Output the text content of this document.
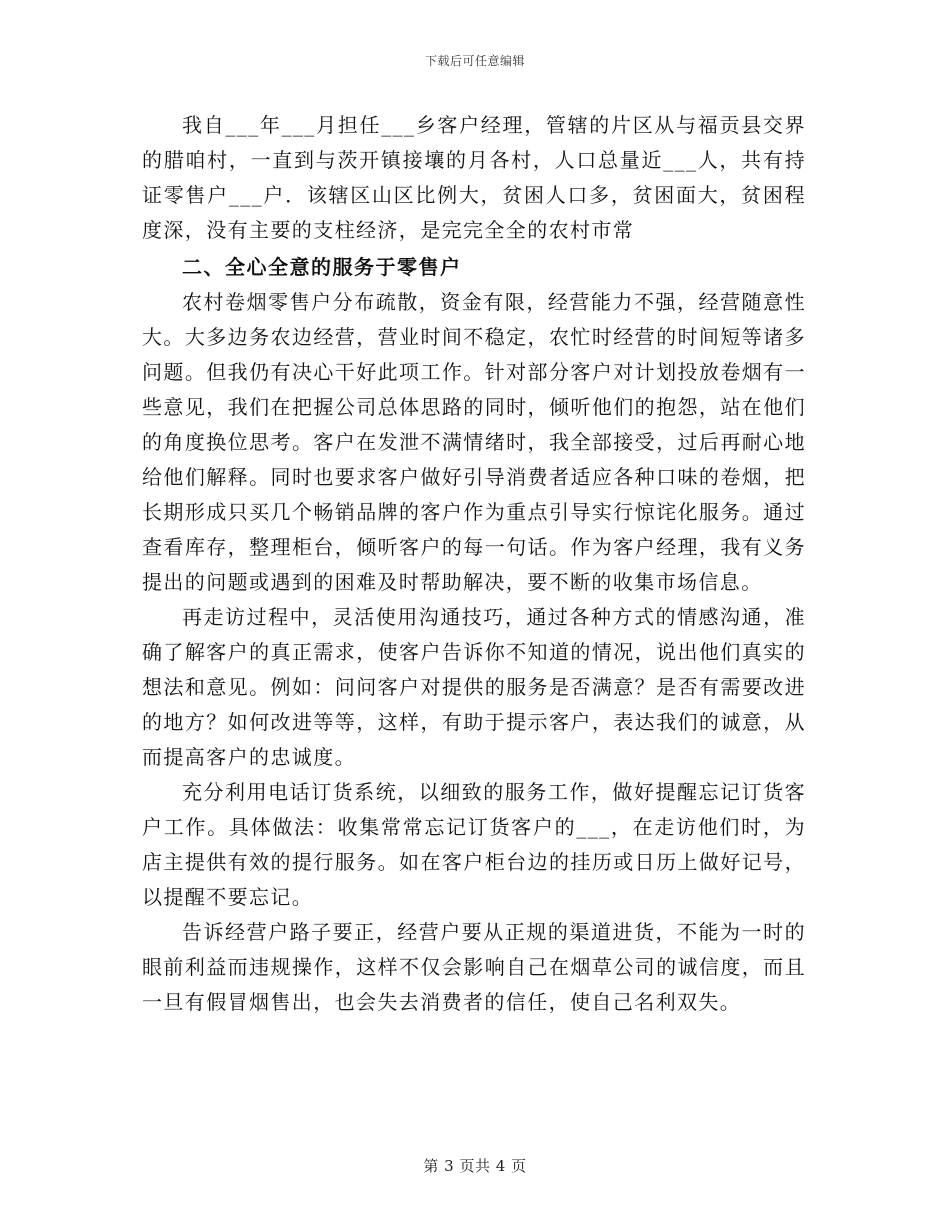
下载后可任意编辑

我自___年___月担任___乡客户经理，管辖的片区从与福贡县交界的腊咱村，一直到与茨开镇接壤的月各村，人口总量近___人，共有持证零售户___户．该辖区山区比例大，贫困人口多，贫困面大，贫困程度深，没有主要的支柱经济，是完完全全的农村市常

二、全心全意的服务于零售户

农村卷烟零售户分布疏散，资金有限，经营能力不强，经营随意性大。大多边务农边经营，营业时间不稳定，农忙时经营的时间短等诸多问题。但我仍有决心干好此项工作。针对部分客户对计划投放卷烟有一些意见，我们在把握公司总体思路的同时，倾听他们的抱怨，站在他们的角度换位思考。客户在发泄不满情绪时，我全部接受，过后再耐心地给他们解释。同时也要求客户做好引导消费者适应各种口味的卷烟，把长期形成只买几个畅销品牌的客户作为重点引导实行惊诧化服务。通过查看库存，整理柜台，倾听客户的每一句话。作为客户经理，我有义务提出的问题或遇到的困难及时帮助解决，要不断的收集市场信息。

再走访过程中，灵活使用沟通技巧，通过各种方式的情感沟通，准确了解客户的真正需求，使客户告诉你不知道的情况，说出他们真实的想法和意见。例如：问问客户对提供的服务是否满意？是否有需要改进的地方？如何改进等等，这样，有助于提示客户，表达我们的诚意，从而提高客户的忠诚度。

充分利用电话订货系统，以细致的服务工作，做好提醒忘记订货客户工作。具体做法：收集常常忘记订货客户的___，在走访他们时，为店主提供有效的提行服务。如在客户柜台边的挂历或日历上做好记号，以提醒不要忘记。

告诉经营户路子要正，经营户要从正规的渠道进货，不能为一时的眼前利益而违规操作，这样不仅会影响自己在烟草公司的诚信度，而且一旦有假冒烟售出，也会失去消费者的信任，使自己名利双失。

第 3 页共 4 页
